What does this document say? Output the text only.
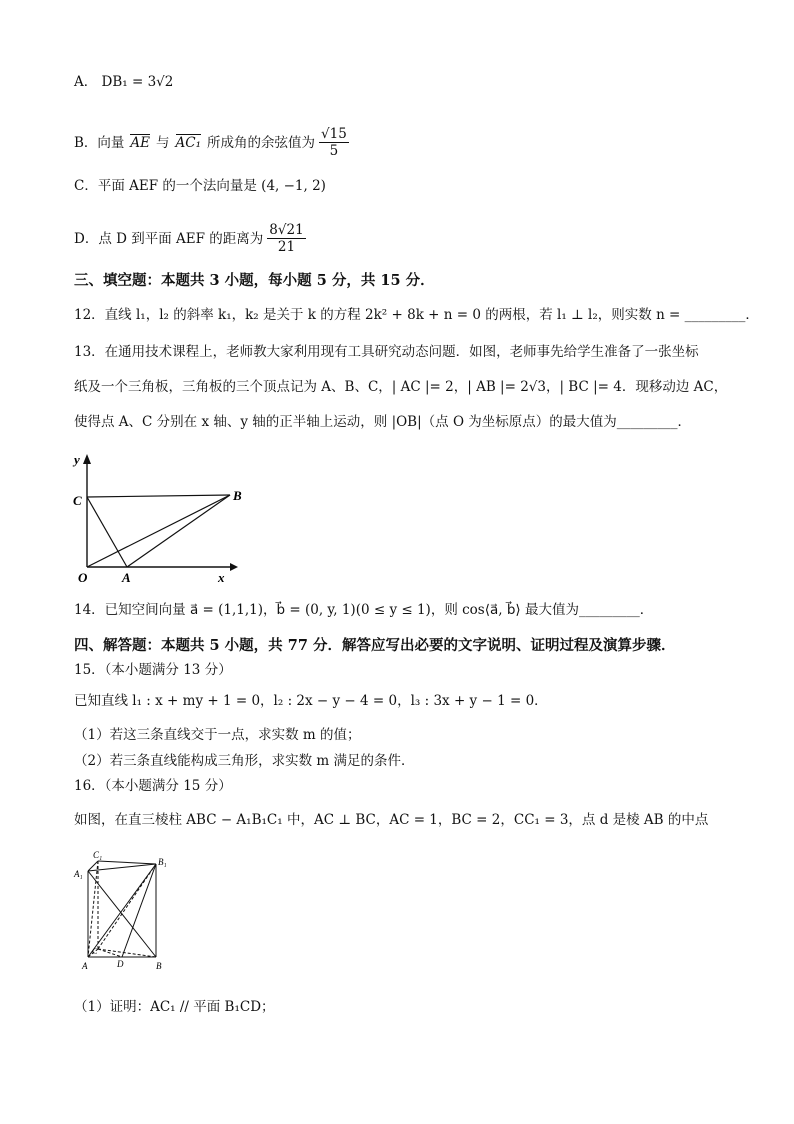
A． DB₁ = 3√2
B．向量 AE 与 AC₁ 所成角的余弦值为 $\frac{√15}{5}$
C．平面 AEF 的一个法向量是 (4, −1, 2)
D．点 D 到平面 AEF 的距离为 $\frac{8√21}{21}$
三、填空题：本题共 3 小题，每小题 5 分，共 15 分．
12．直线 l₁，l₂ 的斜率 k₁，k₂ 是关于 k 的方程 2k² + 8k + n = 0 的两根，若 l₁ ⊥ l₂，则实数 n = _________．
13．在通用技术课程上，老师教大家利用现有工具研究动态问题．如图，老师事先给学生准备了一张坐标
纸及一个三角板，三角板的三个顶点记为 A、B、C，| AC |= 2，| AB |= 2√3，| BC |= 4．现移动边 AC，
使得点 A、C 分别在 x 轴、y 轴的正半轴上运动，则 |OB|（点 O 为坐标原点）的最大值为_________．
y
x
O	A
B
C
14．已知空间向量 a⃗ = (1,1,1)，b⃗ = (0, y, 1)(0 ≤ y ≤ 1)，则 cos⟨a⃗, b⃗⟩ 最大值为_________．
四、解答题：本题共 5 小题，共 77 分．解答应写出必要的文字说明、证明过程及演算步骤．
15．（本小题满分 13 分）
已知直线 l₁ : x + my + 1 = 0，l₂ : 2x − y − 4 = 0，l₃ : 3x + y − 1 = 0．
（1）若这三条直线交于一点，求实数 m 的值；
（2）若三条直线能构成三角形，求实数 m 满足的条件．
16．（本小题满分 15 分）
如图，在直三棱柱 ABC − A₁B₁C₁ 中，AC ⊥ BC，AC = 1，BC = 2，CC₁ = 3，点 d 是棱 AB 的中点
C₁
B₁
A₁
C
A	D	B
（1）证明：AC₁ // 平面 B₁CD；
